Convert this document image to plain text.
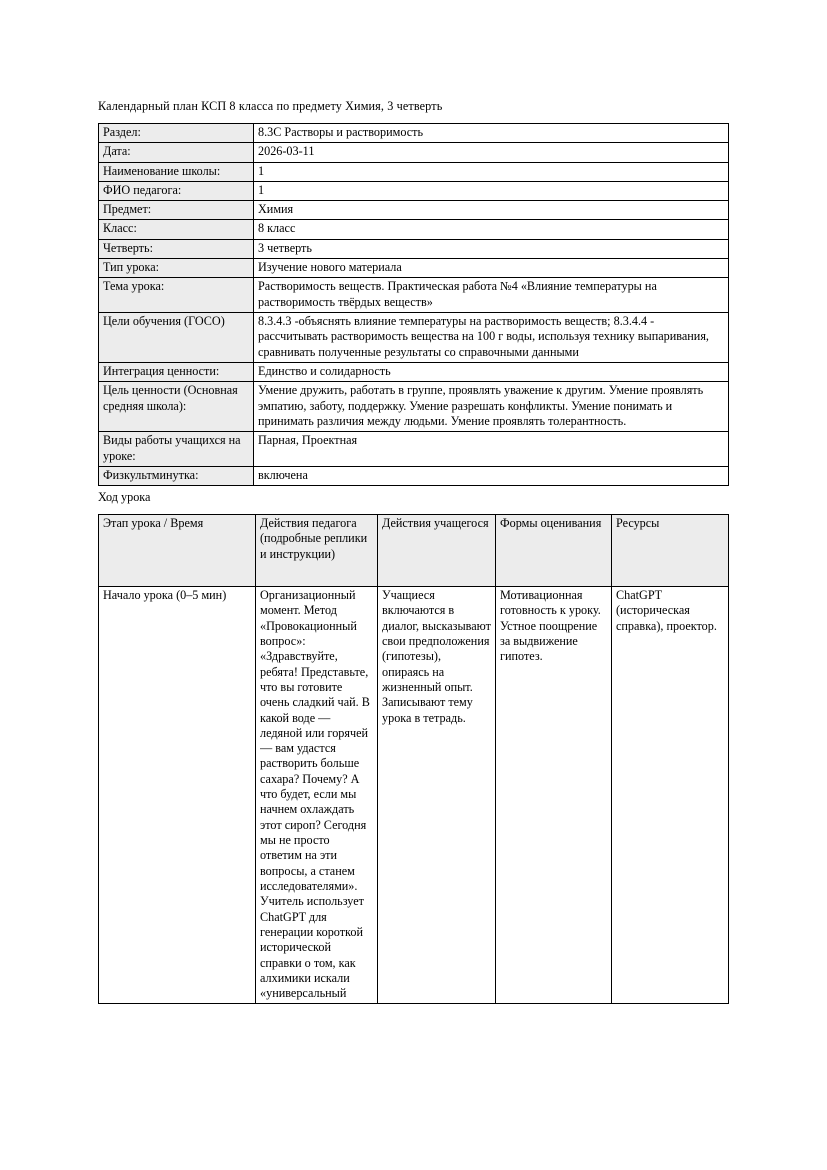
Календарный план КСП 8 класса по предмету Химия, 3 четверть
Раздел:	8.3C Растворы и растворимость
Дата:	2026-03-11
Наименование школы:	1
ФИО педагога:	1
Предмет:	Химия
Класс:	8 класс
Четверть:	3 четверть
Тип урока:	Изучение нового материала
Тема урока:	Растворимость веществ. Практическая работа №4 «Влияние температуры на растворимость твёрдых веществ»
Цели обучения (ГОСО)	8.3.4.3 -объяснять влияние температуры на растворимость веществ; 8.3.4.4 - рассчитывать растворимость вещества на 100 г воды, используя технику выпаривания, сравнивать полученные результаты со справочными данными
Интеграция ценности:	Единство и солидарность
Цель ценности (Основная средняя школа):	Умение дружить, работать в группе, проявлять уважение к другим. Умение проявлять эмпатию, заботу, поддержку. Умение разрешать конфликты. Умение понимать и принимать различия между людьми. Умение проявлять толерантность.
Виды работы учащихся на уроке:	Парная, Проектная
Физкультминутка:	включена
Ход урока
Этап урока / Время	Действия педагога (подробные реплики и инструкции)	Действия учащегося	Формы оценивания	Ресурсы

Начало урока (0–5 мин)	Организационный момент. Метод «Провокационный вопрос»: «Здравствуйте, ребята! Представьте, что вы готовите очень сладкий чай. В какой воде — ледяной или горячей — вам удастся растворить больше сахара? Почему? А что будет, если мы начнем охлаждать этот сироп? Сегодня мы не просто ответим на эти вопросы, а станем исследователями». Учитель использует ChatGPT для генерации короткой исторической справки о том, как алхимики искали «универсальный	Учащиеся включаются в диалог, высказывают свои предположения (гипотезы), опираясь на жизненный опыт. Записывают тему урока в тетрадь.	Мотивационная готовность к уроку. Устное поощрение за выдвижение гипотез.	ChatGPT (историческая справка), проектор.
